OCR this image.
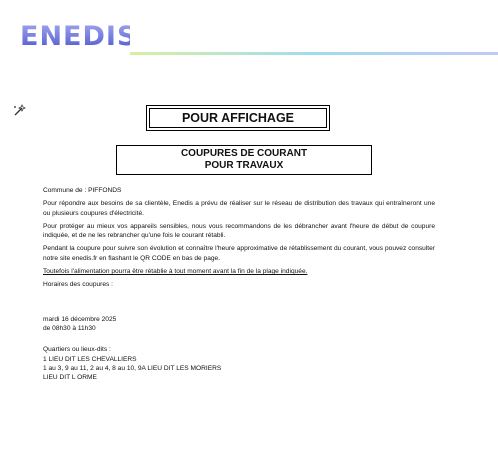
ENEDIS
POUR AFFICHAGE
COUPURES DE COURANT
POUR TRAVAUX

Commune de : PIFFONDS

Pour répondre aux besoins de sa clientèle, Enedis a prévu de réaliser sur le réseau de distribution des travaux qui entraîneront une ou plusieurs coupures d'électricité.

Pour protéger au mieux vos appareils sensibles, nous vous recommandons de les débrancher avant l'heure de début de coupure indiquée, et de ne les rebrancher qu'une fois le courant rétabli.

Pendant la coupure pour suivre son évolution et connaître l'heure approximative de rétablissement du courant, vous pouvez consulter notre site enedis.fr en flashant le QR CODE en bas de page.

Toutefois l'alimentation pourra être rétablie à tout moment avant la fin de la plage indiquée.

Horaires des coupures :

mardi 16 décembre 2025
de 08h30 à 11h30
Quartiers ou lieux-dits :
1 LIEU DIT LES CHEVALLIERS
1 au 3, 9 au 11, 2 au 4, 8 au 10, 9A LIEU DIT LES MORIERS
LIEU DIT L ORME
